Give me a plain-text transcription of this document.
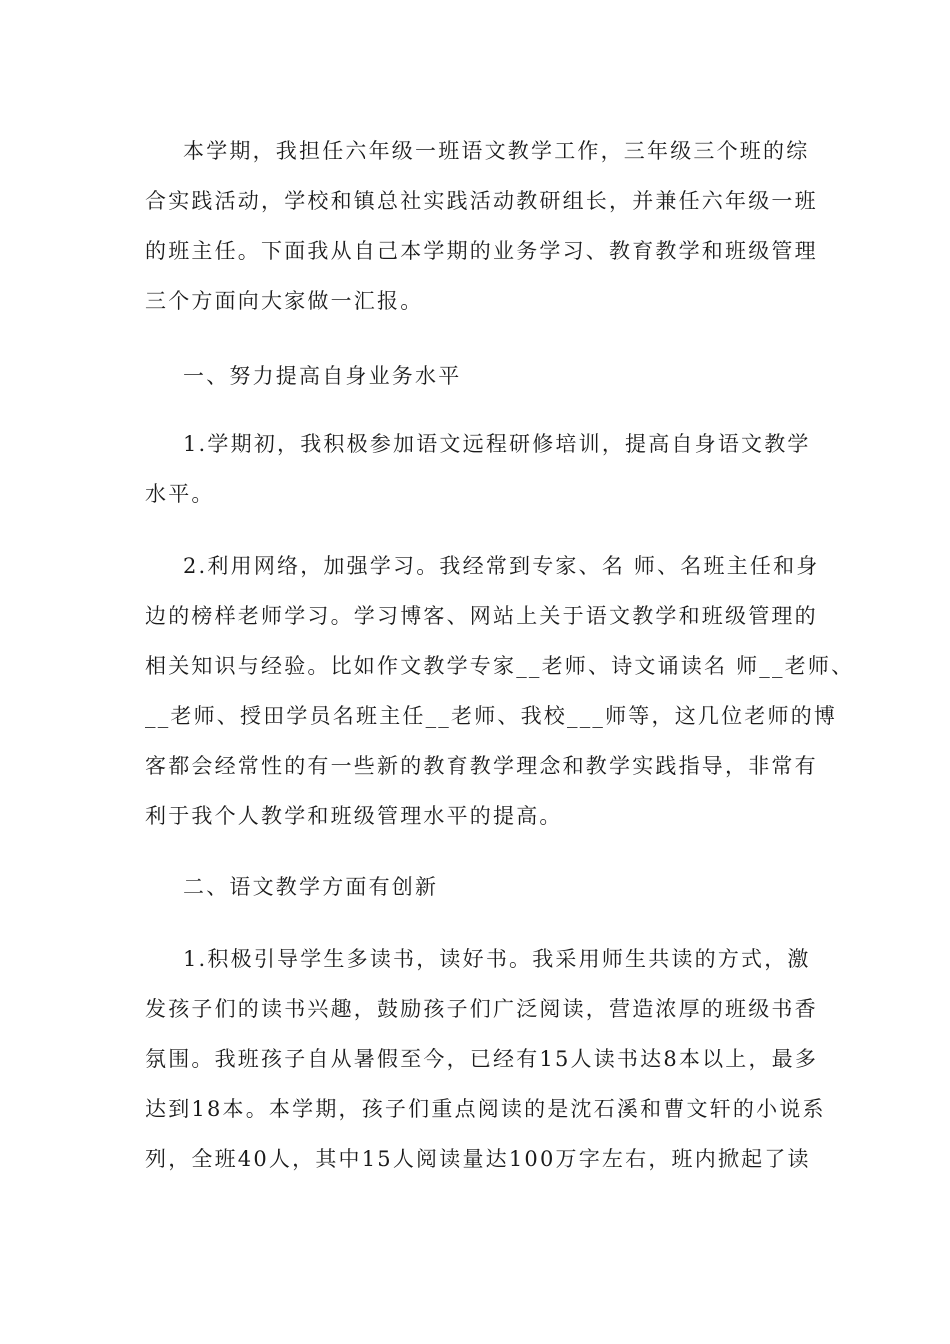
本学期，我担任六年级一班语文教学工作，三年级三个班的综
合实践活动，学校和镇总社实践活动教研组长，并兼任六年级一班
的班主任。下面我从自己本学期的业务学习、教育教学和班级管理
三个方面向大家做一汇报。
一、努力提高自身业务水平
1.学期初，我积极参加语文远程研修培训，提高自身语文教学
水平。
2.利用网络，加强学习。我经常到专家、名 师、名班主任和身
边的榜样老师学习。学习博客、网站上关于语文教学和班级管理的
相关知识与经验。比如作文教学专家__老师、诗文诵读名 师__老师、
__老师、授田学员名班主任__老师、我校___师等，这几位老师的博
客都会经常性的有一些新的教育教学理念和教学实践指导，非常有
利于我个人教学和班级管理水平的提高。
二、语文教学方面有创新
1.积极引导学生多读书，读好书。我采用师生共读的方式，激
发孩子们的读书兴趣，鼓励孩子们广泛阅读，营造浓厚的班级书香
氛围。我班孩子自从暑假至今，已经有15人读书达8本以上，最多
达到18本。本学期，孩子们重点阅读的是沈石溪和曹文轩的小说系
列，全班40人，其中15人阅读量达100万字左右，班内掀起了读
